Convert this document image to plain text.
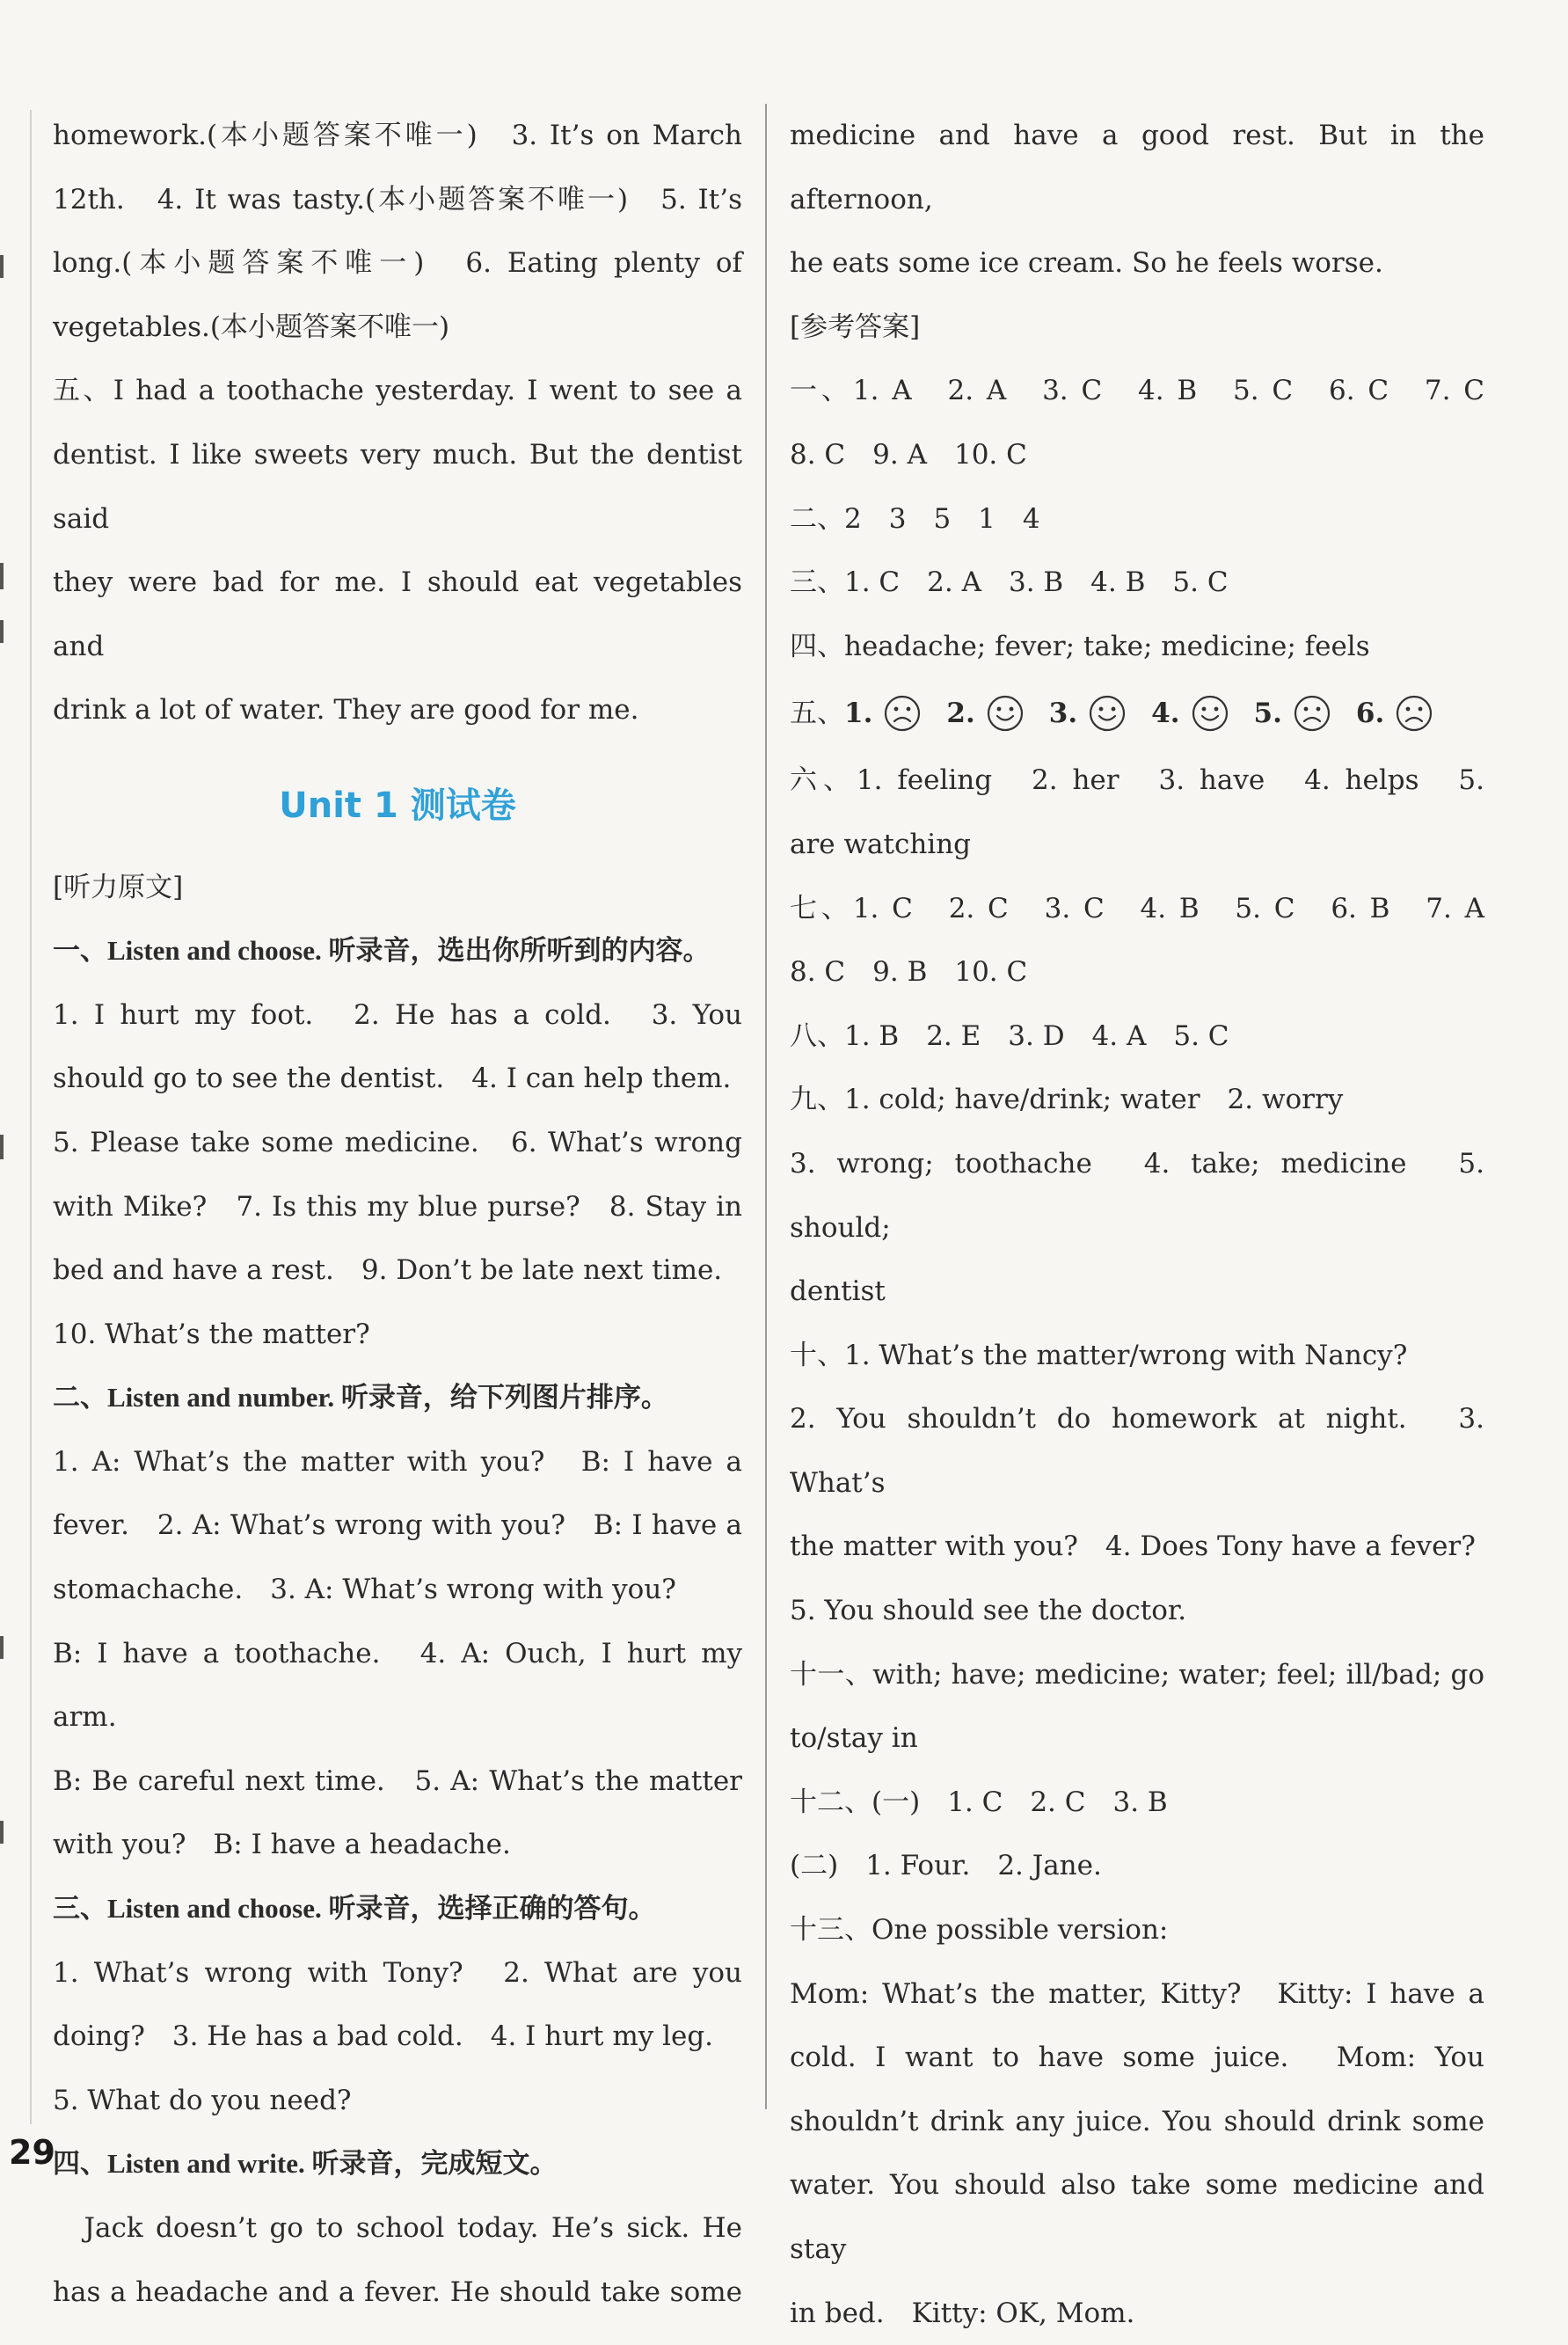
homework.(本小题答案不唯一)　3. It’s on March
12th.　4. It was tasty.(本小题答案不唯一)　5. It’s
long.(本小题答案不唯一)　6. Eating plenty of
vegetables.(本小题答案不唯一)
五、I had a toothache yesterday. I went to see a
dentist. I like sweets very much. But the dentist said
they were bad for me. I should eat vegetables and
drink a lot of water. They are good for me.
Unit 1 测试卷
[听力原文]
一、Listen and choose. 听录音，选出你所听到的内容。
1. I hurt my foot.　2. He has a cold.　3. You
should go to see the dentist.　4. I can help them.
5. Please take some medicine.　6. What’s wrong
with Mike?　7. Is this my blue purse?　8. Stay in
bed and have a rest.　9. Don’t be late next time.
10. What’s the matter?
二、Listen and number. 听录音，给下列图片排序。
1. A: What’s the matter with you?　B: I have a
fever.　2. A: What’s wrong with you?　B: I have a
stomachache.　3. A: What’s wrong with you?
B: I have a toothache.　4. A: Ouch, I hurt my arm.
B: Be careful next time.　5. A: What’s the matter
with you?　B: I have a headache.
三、Listen and choose. 听录音，选择正确的答句。
1. What’s wrong with Tony?　2. What are you
doing?　3. He has a bad cold.　4. I hurt my leg.
5. What do you need?
四、Listen and write. 听录音，完成短文。
　Jack doesn’t go to school today. He’s sick. He
has a headache and a fever. He should take some
medicine and have a good rest. But in the afternoon,
he eats some ice cream. So he feels worse.
[参考答案]
一、1. A　2. A　3. C　4. B　5. C　6. C　7. C
8. C　9. A　10. C
二、2　3　5　1　4
三、1. C　2. A　3. B　4. B　5. C
四、headache; fever; take; medicine; feels
五、 1.	2.	3.	4.	5.	6.
六、1. feeling　2. her　3. have　4. helps　5.
are watching
七、1. C　2. C　3. C　4. B　5. C　6. B　7. A
8. C　9. B　10. C
八、1. B　2. E　3. D　4. A　5. C
九、1. cold; have/drink; water　2. worry
3. wrong; toothache　4. take; medicine　5. should;
dentist
十、1. What’s the matter/wrong with Nancy?
2. You shouldn’t do homework at night.　3. What’s
the matter with you?　4. Does Tony have a fever?
5. You should see the doctor.
十一、with; have; medicine; water; feel; ill/bad; go
to/stay in
十二、(一)　1. C　2. C　3. B
(二)　1. Four.　2. Jane.
十三、One possible version:
Mom: What’s the matter, Kitty?　Kitty: I have a
cold. I want to have some juice.　Mom: You
shouldn’t drink any juice. You should drink some
water. You should also take some medicine and stay
in bed.　Kitty: OK, Mom.
29
